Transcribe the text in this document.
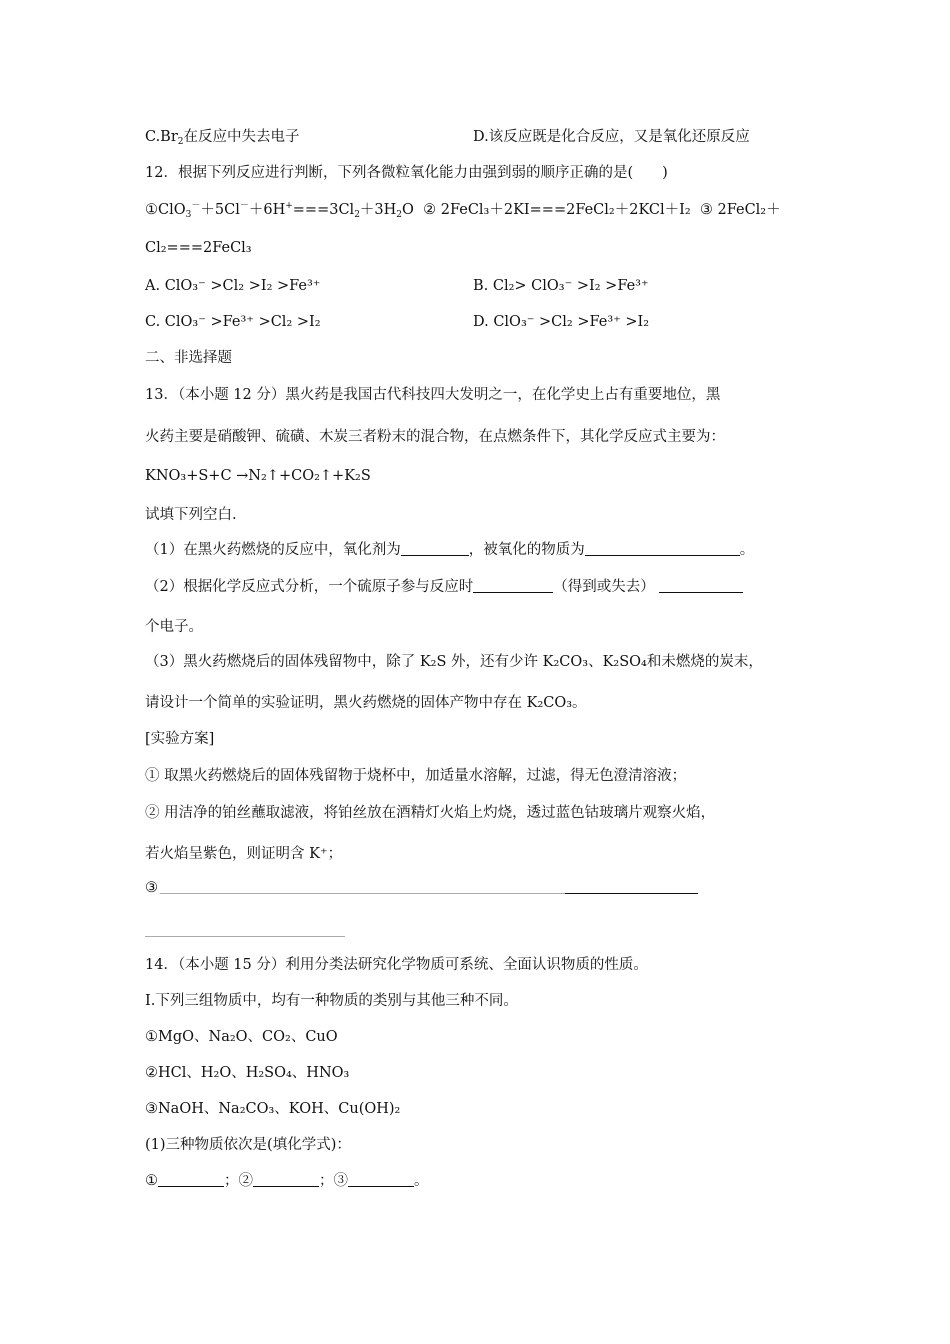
$C.Br_2$在反应中失去电子	D.该反应既是化合反应，又是氧化还原反应
12．根据下列反应进行判断，下列各微粒氧化能力由强到弱的顺序正确的是(　　)
$①ClO_3^-+5Cl^-+6H^+===3Cl_2+3H_2O$ ② 2FeCl₃＋2KI===2FeCl₂＋2KCl＋I₂ ③ 2FeCl₂＋
Cl₂===2FeCl₃
A. ClO₃⁻ >Cl₂ >I₂ >Fe³⁺	B. Cl₂> ClO₃⁻ >I₂ >Fe³⁺
C. ClO₃⁻ >Fe³⁺ >Cl₂ >I₂	D. ClO₃⁻ >Cl₂ >Fe³⁺ >I₂
二、非选择题
13．（本小题 12 分）黑火药是我国古代科技四大发明之一，在化学史上占有重要地位，黑
火药主要是硝酸钾、硫磺、木炭三者粉末的混合物，在点燃条件下，其化学反应式主要为：
KNO₃+S+C →N₂↑+CO₂↑+K₂S
试填下列空白.
（1）在黑火药燃烧的反应中，氧化剂为	，被氧化的物质为	。
（2）根据化学反应式分析，一个硫原子参与反应时	（得到或失去）
个电子。
（3）黑火药燃烧后的固体残留物中，除了 K₂S 外，还有少许 K₂CO₃、K₂SO₄和未燃烧的炭末，
请设计一个简单的实验证明，黑火药燃烧的固体产物中存在 K₂CO₃。
[实验方案]
① 取黑火药燃烧后的固体残留物于烧杯中，加适量水溶解，过滤，得无色澄清溶液；
② 用洁净的铂丝蘸取滤液，将铂丝放在酒精灯火焰上灼烧，透过蓝色钴玻璃片观察火焰，
若火焰呈紫色，则证明含 K⁺；
③
14．（本小题 15 分）利用分类法研究化学物质可系统、全面认识物质的性质。
Ⅰ.下列三组物质中，均有一种物质的类别与其他三种不同。
①MgO、Na₂O、CO₂、CuO
②HCl、H₂O、H₂SO₄、HNO₃
③NaOH、Na₂CO₃、KOH、Cu(OH)₂
(1)三种物质依次是(填化学式)：
①	；②	；③	。
